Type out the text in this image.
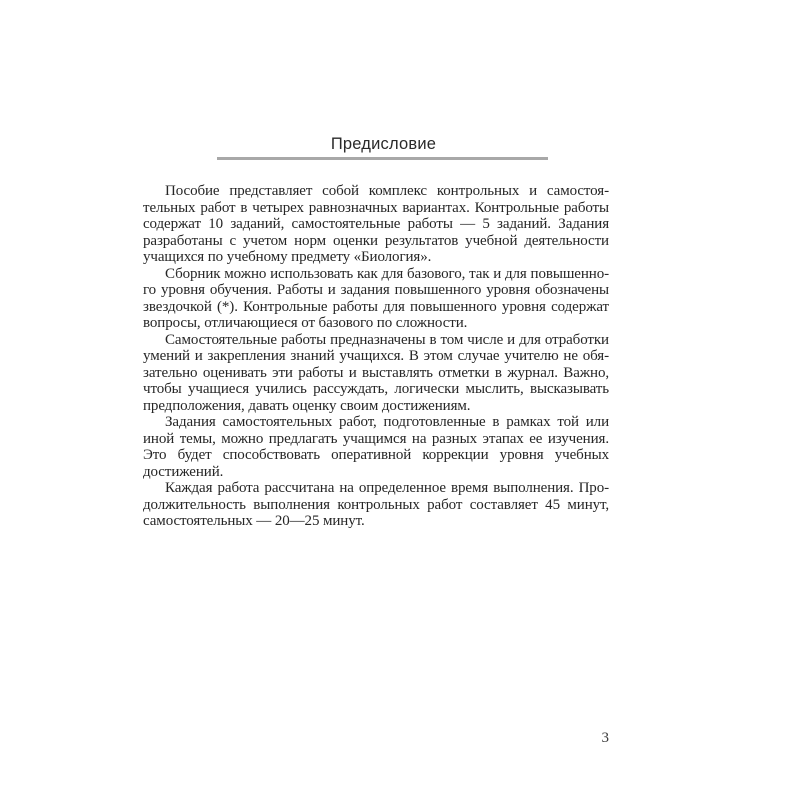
Предисловие
Пособие представляет собой комплекс контрольных и самостоя-
тельных работ в четырех равнозначных вариантах. Контрольные работы
содержат 10 заданий, самостоятельные работы — 5 заданий. Задания
разработаны с учетом норм оценки результатов учебной деятельности
учащихся по учебному предмету «Биология».
Сборник можно использовать как для базового, так и для повышенно-
го уровня обучения. Работы и задания повышенного уровня обозначены
звездочкой (*). Контрольные работы для повышенного уровня содержат
вопросы, отличающиеся от базового по сложности.
Самостоятельные работы предназначены в том числе и для отработки
умений и закрепления знаний учащихся. В этом случае учителю не обя-
зательно оценивать эти работы и выставлять отметки в журнал. Важно,
чтобы учащиеся учились рассуждать, логически мыслить, высказывать
предположения, давать оценку своим достижениям.
Задания самостоятельных работ, подготовленные в рамках той или
иной темы, можно предлагать учащимся на разных этапах ее изучения.
Это будет способствовать оперативной коррекции уровня учебных
достижений.
Каждая работа рассчитана на определенное время выполнения. Про-
должительность выполнения контрольных работ составляет 45 минут,
самостоятельных — 20—25 минут.
3
